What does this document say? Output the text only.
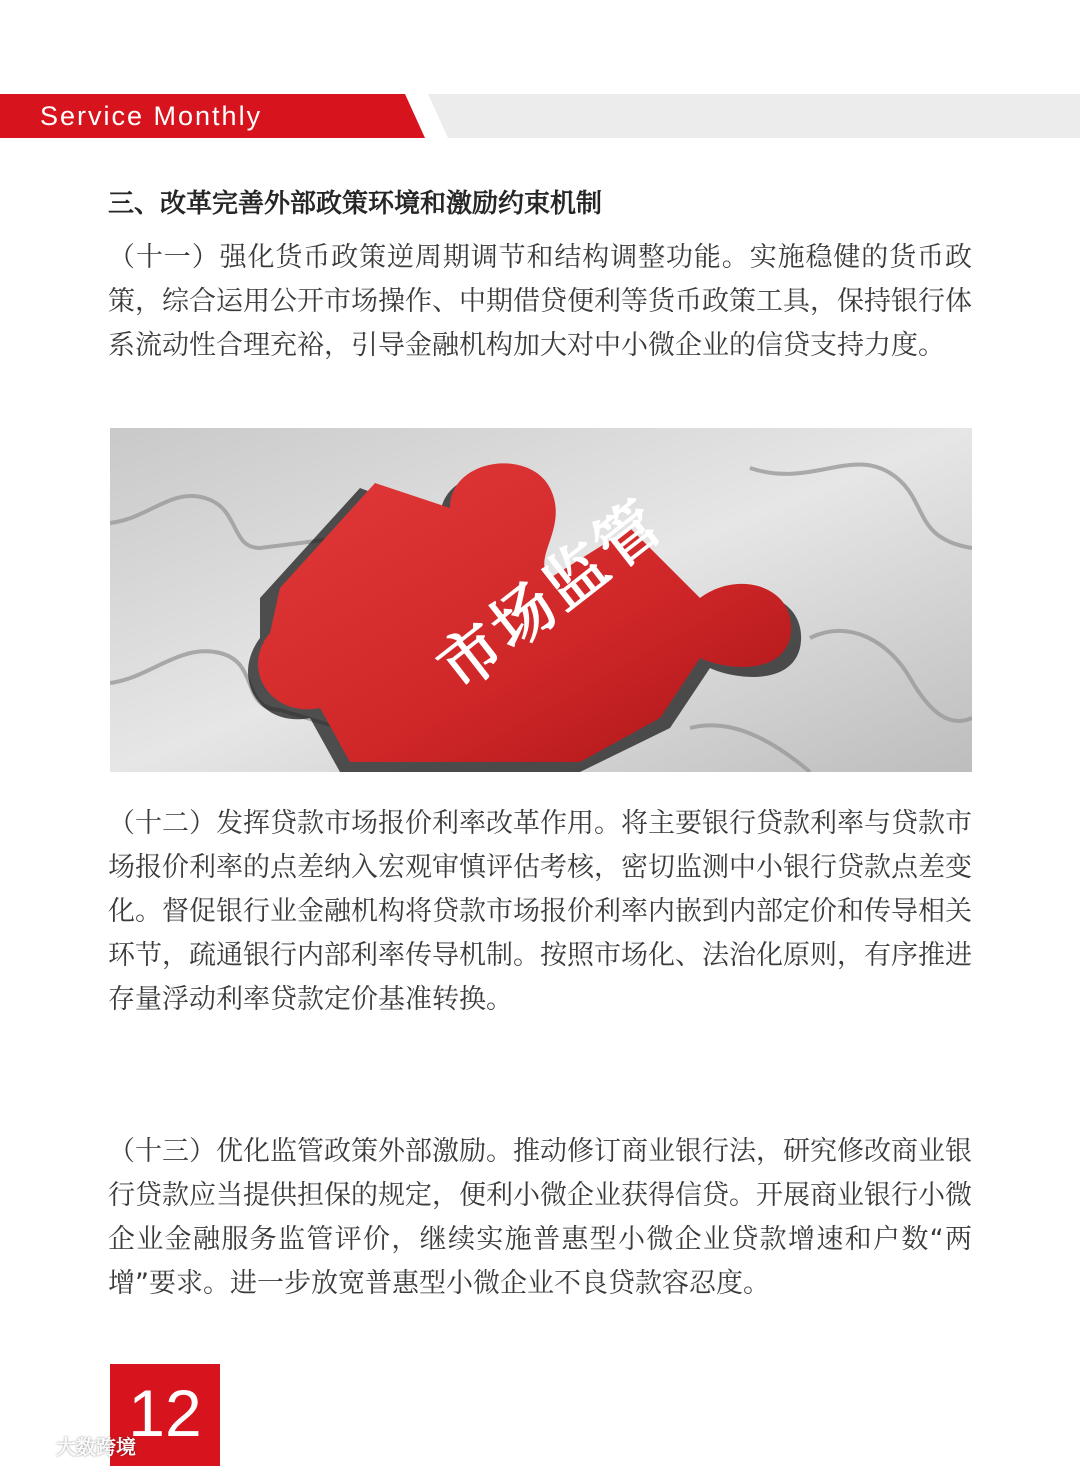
Service Monthly
三、改革完善外部政策环境和激励约束机制

（十一）强化货币政策逆周期调节和结构调整功能。实施稳健的货币政策，综合运用公开市场操作、中期借贷便利等货币政策工具，保持银行体系流动性合理充裕，引导金融机构加大对中小微企业的信贷支持力度。

市场监管

（十二）发挥贷款市场报价利率改革作用。将主要银行贷款利率与贷款市场报价利率的点差纳入宏观审慎评估考核，密切监测中小银行贷款点差变化。督促银行业金融机构将贷款市场报价利率内嵌到内部定价和传导相关环节，疏通银行内部利率传导机制。按照市场化、法治化原则，有序推进存量浮动利率贷款定价基准转换。

（十三）优化监管政策外部激励。推动修订商业银行法，研究修改商业银行贷款应当提供担保的规定，便利小微企业获得信贷。开展商业银行小微企业金融服务监管评价，继续实施普惠型小微企业贷款增速和户数“两增”要求。进一步放宽普惠型小微企业不良贷款容忍度。

12
大数跨境
